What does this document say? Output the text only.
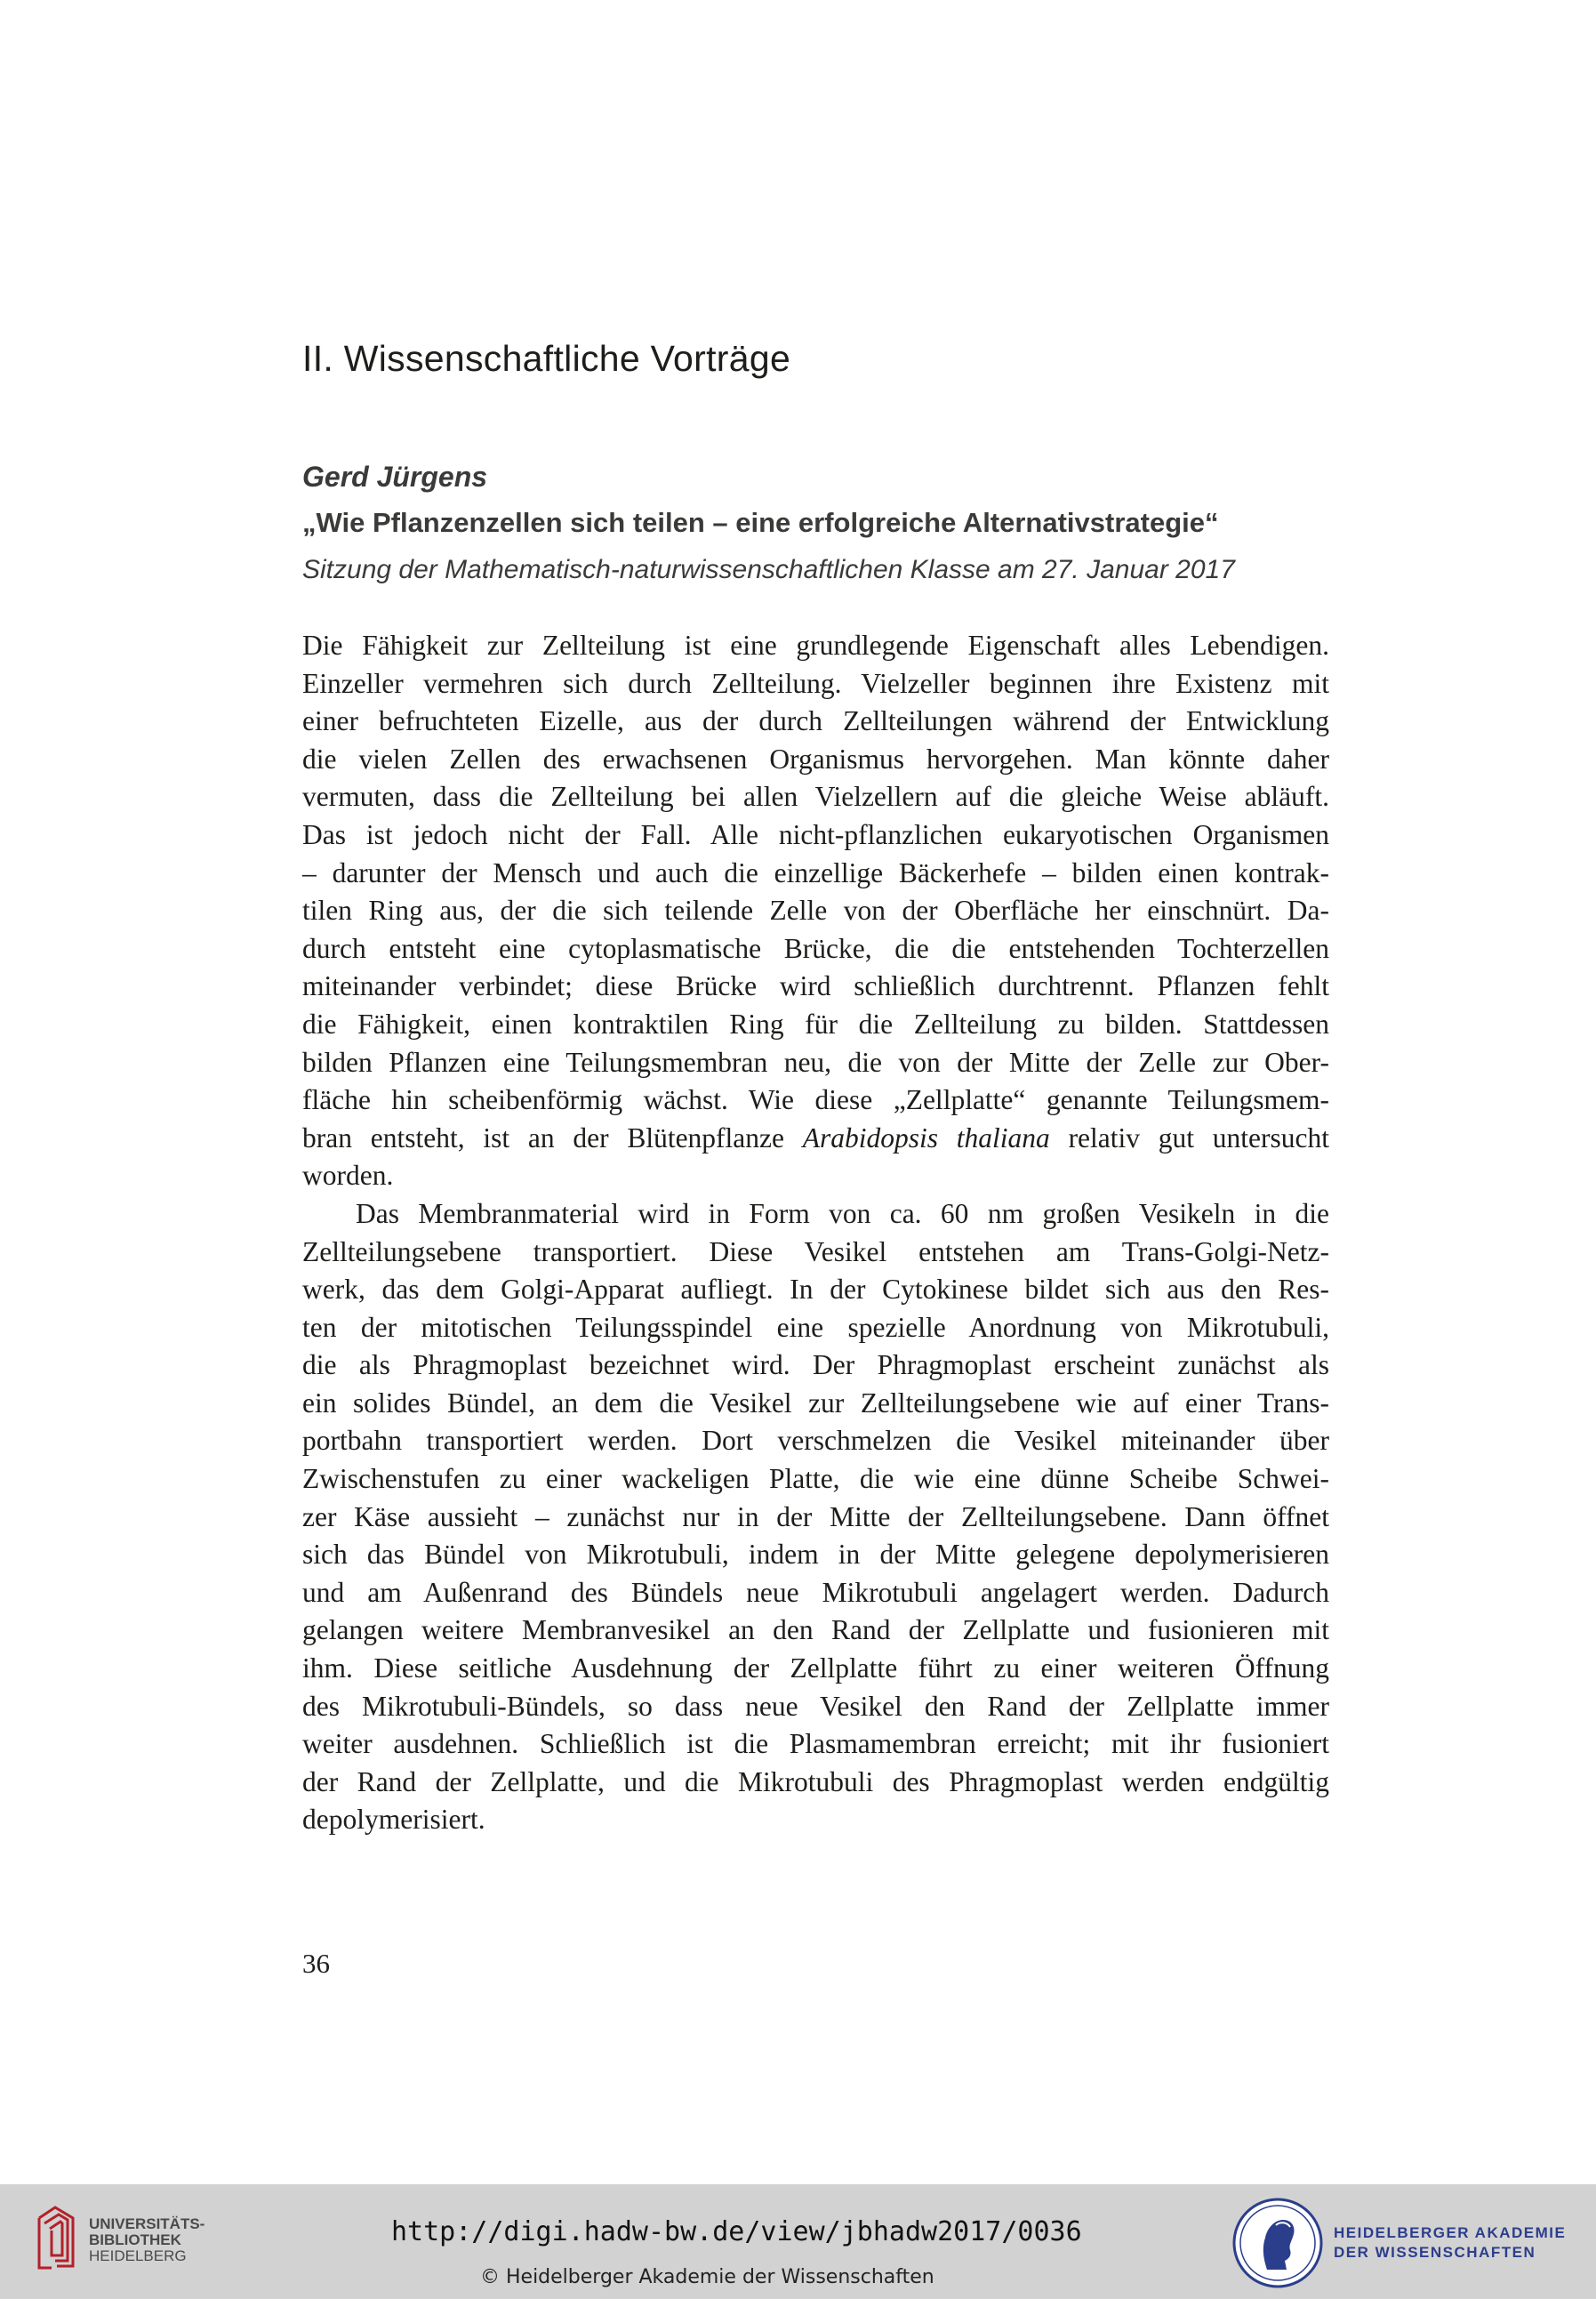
II. Wissenschaftliche Vorträge
Gerd Jürgens
„Wie Pflanzenzellen sich teilen – eine erfolgreiche Alternativstrategie“
Sitzung der Mathematisch-naturwissenschaftlichen Klasse am 27. Januar 2017
Die Fähigkeit zur Zellteilung ist eine grundlegende Eigenschaft alles Lebendigen.
Einzeller vermehren sich durch Zellteilung. Vielzeller beginnen ihre Existenz mit
einer befruchteten Eizelle, aus der durch Zellteilungen während der Entwicklung
die vielen Zellen des erwachsenen Organismus hervorgehen. Man könnte daher
vermuten, dass die Zellteilung bei allen Vielzellern auf die gleiche Weise abläuft.
Das ist jedoch nicht der Fall. Alle nicht-pflanzlichen eukaryotischen Organismen
– darunter der Mensch und auch die einzellige Bäckerhefe – bilden einen kontrak-
tilen Ring aus, der die sich teilende Zelle von der Oberfläche her einschnürt. Da-
durch entsteht eine cytoplasmatische Brücke, die die entstehenden Tochterzellen
miteinander verbindet; diese Brücke wird schließlich durchtrennt. Pflanzen fehlt
die Fähigkeit, einen kontraktilen Ring für die Zellteilung zu bilden. Stattdessen
bilden Pflanzen eine Teilungsmembran neu, die von der Mitte der Zelle zur Ober-
fläche hin scheibenförmig wächst. Wie diese „Zellplatte“ genannte Teilungsmem-
bran entsteht, ist an der Blütenpflanze Arabidopsis thaliana relativ gut untersucht
worden.
Das Membranmaterial wird in Form von ca. 60 nm großen Vesikeln in die
Zellteilungsebene transportiert. Diese Vesikel entstehen am Trans-Golgi-Netz-
werk, das dem Golgi-Apparat aufliegt. In der Cytokinese bildet sich aus den Res-
ten der mitotischen Teilungsspindel eine spezielle Anordnung von Mikrotubuli,
die als Phragmoplast bezeichnet wird. Der Phragmoplast erscheint zunächst als
ein solides Bündel, an dem die Vesikel zur Zellteilungsebene wie auf einer Trans-
portbahn transportiert werden. Dort verschmelzen die Vesikel miteinander über
Zwischenstufen zu einer wackeligen Platte, die wie eine dünne Scheibe Schwei-
zer Käse aussieht – zunächst nur in der Mitte der Zellteilungsebene. Dann öffnet
sich das Bündel von Mikrotubuli, indem in der Mitte gelegene depolymerisieren
und am Außenrand des Bündels neue Mikrotubuli angelagert werden. Dadurch
gelangen weitere Membranvesikel an den Rand der Zellplatte und fusionieren mit
ihm. Diese seitliche Ausdehnung der Zellplatte führt zu einer weiteren Öffnung
des Mikrotubuli-Bündels, so dass neue Vesikel den Rand der Zellplatte immer
weiter ausdehnen. Schließlich ist die Plasmamembran erreicht; mit ihr fusioniert
der Rand der Zellplatte, und die Mikrotubuli des Phragmoplast werden endgültig
depolymerisiert.
36
UNIVERSITÄTS-
BIBLIOTHEK
HEIDELBERG
http://digi.hadw-bw.de/view/jbhadw2017/0036
© Heidelberger Akademie der Wissenschaften
HEIDELBERGER AKADEMIE
DER WISSENSCHAFTEN
